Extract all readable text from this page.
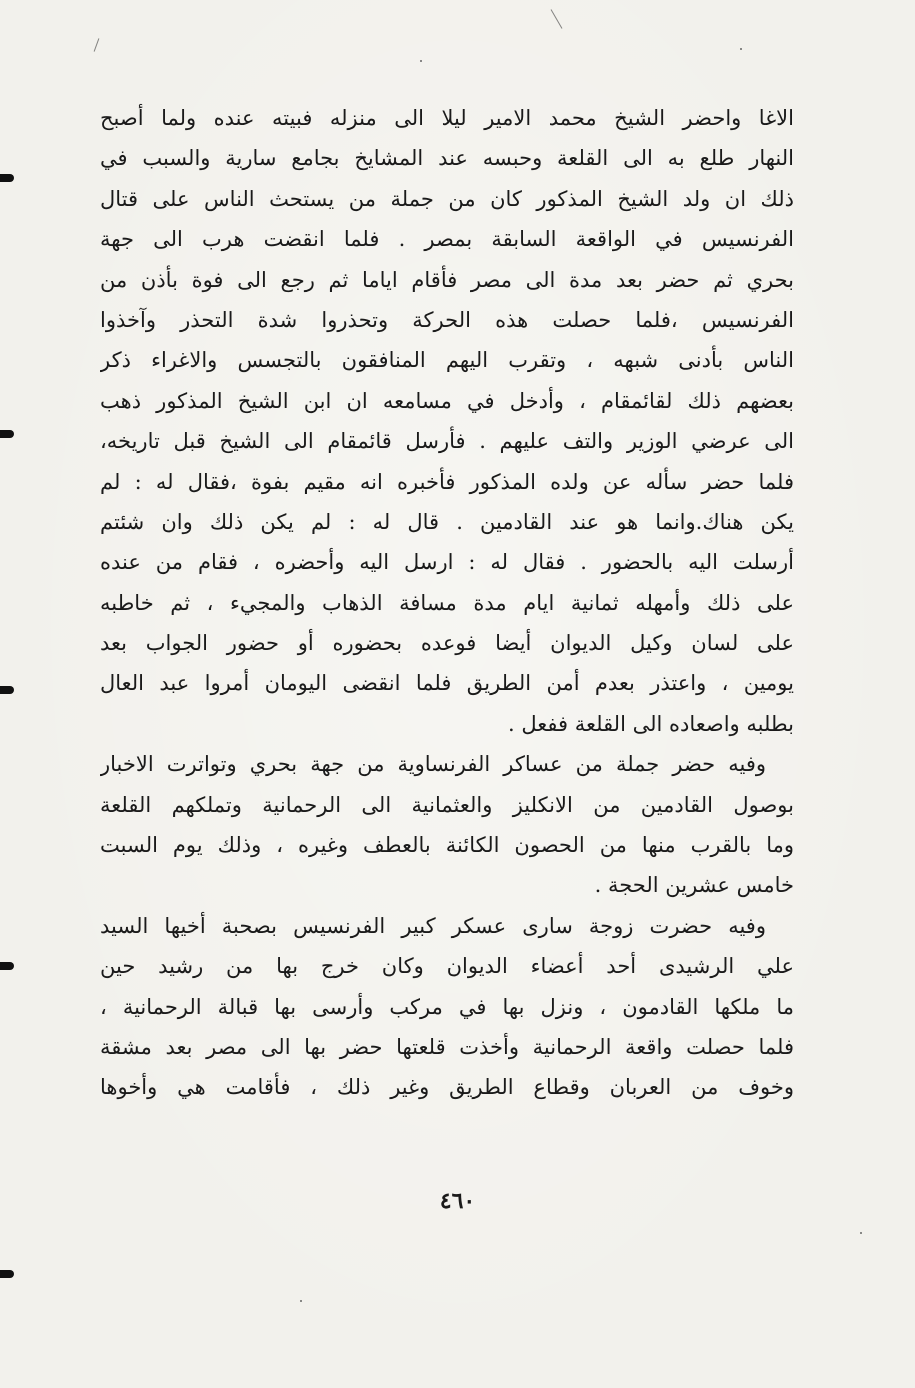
الاغا واحضر الشيخ محمد الامير ليلا الى منزله فبيته عنده ولما أصبح
النهار طلع به الى القلعة وحبسه عند المشايخ بجامع سارية والسبب في
ذلك ان ولد الشيخ المذكور كان من جملة من يستحث الناس على قتال
الفرنسيس في الواقعة السابقة بمصر . فلما انقضت هرب الى جهة
بحري ثم حضر بعد مدة الى مصر فأقام اياما ثم رجع الى فوة بأذن من
الفرنسيس ،فلما حصلت هذه الحركة وتحذروا شدة التحذر وآخذوا
الناس بأدنى شبهه ، وتقرب اليهم المنافقون بالتجسس والاغراء ذكر
بعضهم ذلك لقائمقام ، وأدخل في مسامعه ان ابن الشيخ المذكور ذهب
الى عرضي الوزير والتف عليهم . فأرسل قائمقام الى الشيخ قبل تاريخه،
فلما حضر سأله عن ولده المذكور فأخبره انه مقيم بفوة ،فقال له : لم
يكن هناك.وانما هو عند القادمين . قال له : لم يكن ذلك وان شئتم
أرسلت اليه بالحضور . فقال له : ارسل اليه وأحضره ، فقام من عنده
على ذلك وأمهله ثمانية ايام مدة مسافة الذهاب والمجيء ، ثم خاطبه
على لسان وكيل الديوان أيضا فوعده بحضوره أو حضور الجواب بعد
يومين ، واعتذر بعدم أمن الطريق فلما انقضى اليومان أمروا عبد العال
بطلبه واصعاده الى القلعة ففعل .
وفيه حضر جملة من عساكر الفرنساوية من جهة بحري وتواترت الاخبار
بوصول القادمين من الانكليز والعثمانية الى الرحمانية وتملكهم القلعة
وما بالقرب منها من الحصون الكائنة بالعطف وغيره ، وذلك يوم السبت
خامس عشرين الحجة .
وفيه حضرت زوجة سارى عسكر كبير الفرنسيس بصحبة أخيها السيد
علي الرشيدى أحد أعضاء الديوان وكان خرج بها من رشيد حين
ما ملكها القادمون ، ونزل بها في مركب وأرسى بها قبالة الرحمانية ،
فلما حصلت واقعة الرحمانية وأخذت قلعتها حضر بها الى مصر بعد مشقة
وخوف من العربان وقطاع الطريق وغير ذلك ، فأقامت هي وأخوها
٤٦٠
